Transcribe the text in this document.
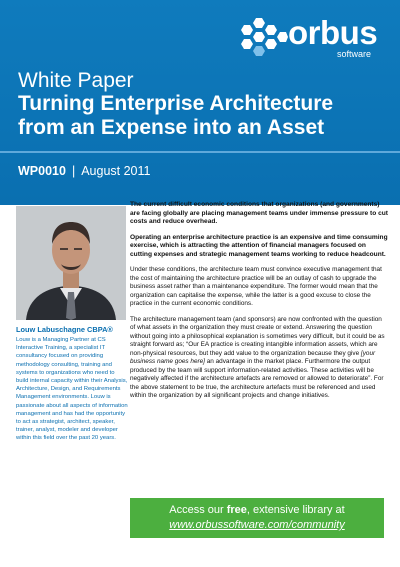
orbus
software
White Paper
Turning Enterprise Architecture
from an Expense into an Asset
WP0010 | August 2011
Louw Labuschagne CBPA®
Louw is a Managing Partner at CS Interactive Training, a specialist IT consultancy focused on providing methodology consulting, training and systems to organizations who need to build internal capacity within their Analysis, Architecture, Design, and Requirements Management environments. Louw is passionate about all aspects of information management and has had the opportunity to act as strategist, architect, speaker, trainer, analyst, modeler and developer within this field over the past 20 years.

The current difficult economic conditions that organizations (and governments) are facing globally are placing management teams under immense pressure to cut costs and reduce overhead.

Operating an enterprise architecture practice is an expensive and time consuming exercise, which is attracting the attention of financial managers focused on cutting expenses and strategic management teams working to reduce headcount.

Under these conditions, the architecture team must convince executive management that the cost of maintaining the architecture practice will be an outlay of cash to upgrade the business asset rather than a maintenance expenditure. The former would mean that the organization can capitalise the expense, while the latter is a good excuse to close the practice in the current economic conditions.

The architecture management team (and sponsors) are now confronted with the question of what assets in the organization they must create or extend. Answering the question without going into a philosophical explanation is sometimes very difficult, but it could be as straight forward as; “Our EA practice is creating intangible information assets, which are non-physical resources, but they add value to the organization because they give [your business name goes here] an advantage in the market place. Furthermore the output produced by the team will support information-related activities. These activities will be negatively affected if the architecture artefacts are removed or allowed to deteriorate”. For the above statement to be true, the architecture artefacts must be referenced and used within the organization by all significant projects and change initiatives.

Access our free, extensive library at
www.orbussoftware.com/community
